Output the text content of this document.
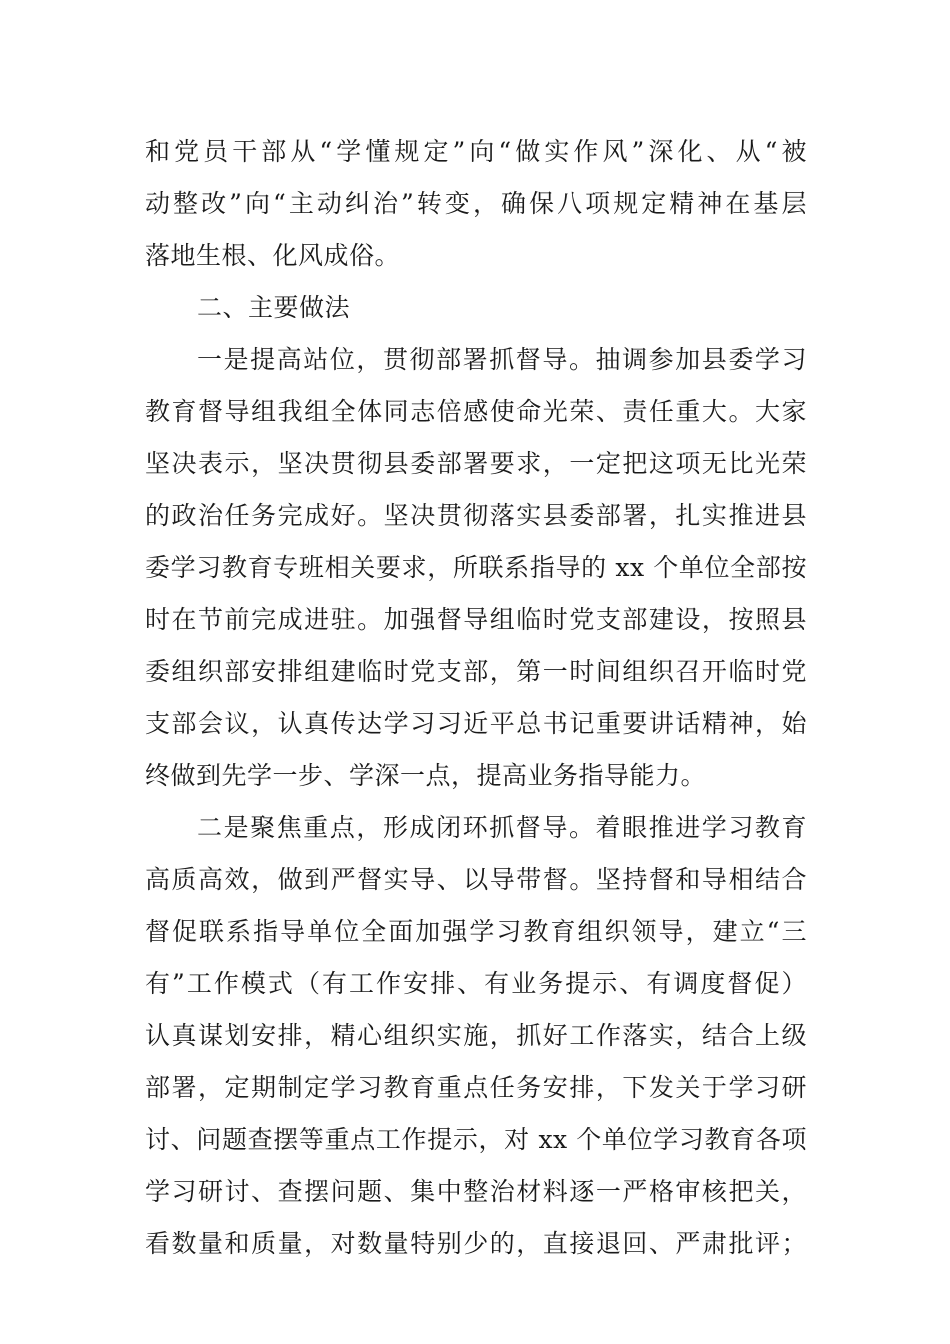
和党员干部从“学懂规定”向“做实作风”深化、从“被
动整改”向“主动纠治”转变，确保八项规定精神在基层
落地生根、化风成俗。
二、主要做法
一是提高站位，贯彻部署抓督导。抽调参加县委学习
教育督导组我组全体同志倍感使命光荣、责任重大。大家
坚决表示，坚决贯彻县委部署要求，一定把这项无比光荣
的政治任务完成好。坚决贯彻落实县委部署，扎实推进县
委学习教育专班相关要求，所联系指导的 xx 个单位全部按
时在节前完成进驻。加强督导组临时党支部建设，按照县
委组织部安排组建临时党支部，第一时间组织召开临时党
支部会议，认真传达学习习近平总书记重要讲话精神，始
终做到先学一步、学深一点，提高业务指导能力。
二是聚焦重点，形成闭环抓督导。着眼推进学习教育
高质高效，做到严督实导、以导带督。坚持督和导相结合
督促联系指导单位全面加强学习教育组织领导，建立“三
有”工作模式（有工作安排、有业务提示、有调度督促）
认真谋划安排，精心组织实施，抓好工作落实，结合上级
部署，定期制定学习教育重点任务安排，下发关于学习研
讨、问题查摆等重点工作提示，对 xx 个单位学习教育各项
学习研讨、查摆问题、集中整治材料逐一严格审核把关，
看数量和质量，对数量特别少的，直接退回、严肃批评；
